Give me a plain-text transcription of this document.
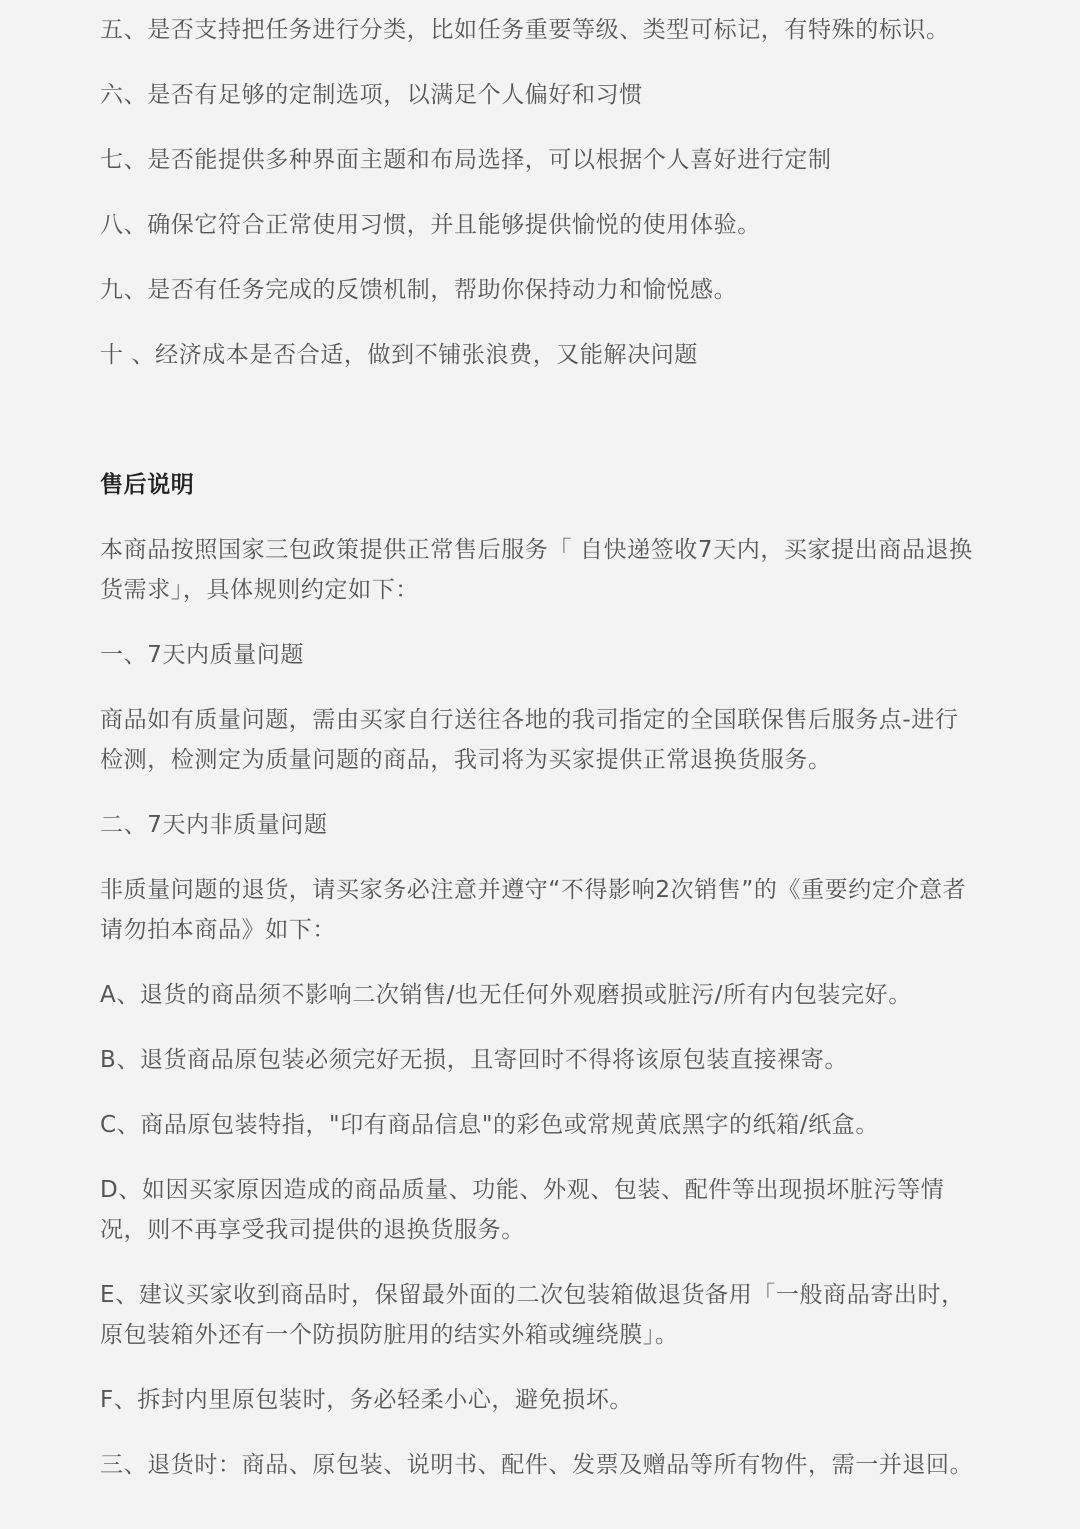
五、是否支持把任务进行分类，比如任务重要等级、类型可标记，有特殊的标识。

六、是否有足够的定制选项，以满足个人偏好和习惯

七、是否能提供多种界面主题和布局选择，可以根据个人喜好进行定制

八、确保它符合正常使用习惯，并且能够提供愉悦的使用体验。

九、是否有任务完成的反馈机制，帮助你保持动力和愉悦感。

十 、经济成本是否合适，做到不铺张浪费，又能解决问题

售后说明

本商品按照国家三包政策提供正常售后服务「 自快递签收7天内，买家提出商品退换货需求」，具体规则约定如下：

一、7天内质量问题

商品如有质量问题，需由买家自行送往各地的我司指定的全国联保售后服务点-进行检测，检测定为质量问题的商品，我司将为买家提供正常退换货服务。

二、7天内非质量问题

非质量问题的退货，请买家务必注意并遵守“不得影响2次销售”的《重要约定介意者请勿拍本商品》如下：

A、退货的商品须不影响二次销售/也无任何外观磨损或脏污/所有内包装完好。

B、退货商品原包装必须完好无损，且寄回时不得将该原包装直接裸寄。

C、商品原包装特指，"印有商品信息"的彩色或常规黄底黑字的纸箱/纸盒。

D、如因买家原因造成的商品质量、功能、外观、包装、配件等出现损坏脏污等情况，则不再享受我司提供的退换货服务。

E、建议买家收到商品时，保留最外面的二次包装箱做退货备用「一般商品寄出时，原包装箱外还有一个防损防脏用的结实外箱或缠绕膜」。

F、拆封内里原包装时，务必轻柔小心，避免损坏。

三、退货时：商品、原包装、说明书、配件、发票及赠品等所有物件，需一并退回。
